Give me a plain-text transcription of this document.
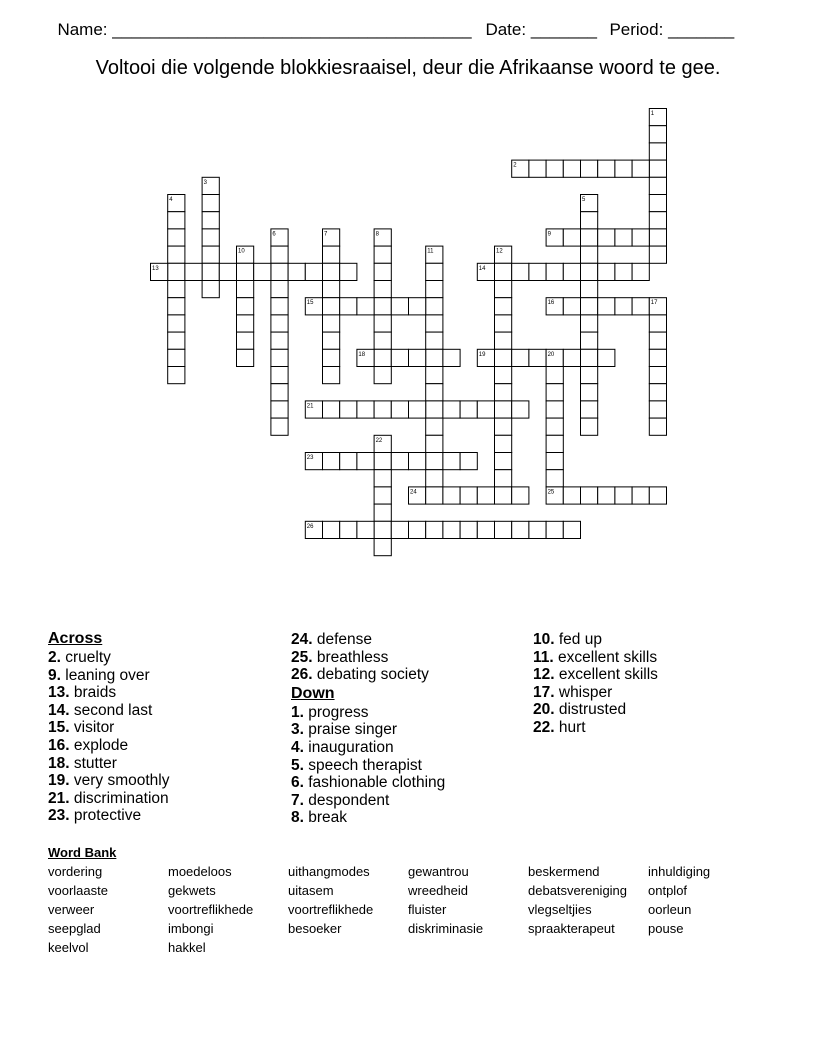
Name: ______________________________________ Date: _______ Period: _______

Voltooi die volgende blokkiesraaisel, deur die Afrikaanse woord te gee.
1
2
3
4	5
6	7	8	9
10	11	12
13	14
15	16	17
18	19	20
21
22
23
24	25
26
Across
2. cruelty
9. leaning over
13. braids
14. second last
15. visitor
16. explode
18. stutter
19. very smoothly
21. discrimination
23. protective
24. defense
25. breathless
26. debating society
Down
1. progress
3. praise singer
4. inauguration
5. speech therapist
6. fashionable clothing
7. despondent
8. break
10. fed up
11. excellent skills
12. excellent skills
17. whisper
20. distrusted
22. hurt
Word Bank
vordering	moedeloos	uithangmodes	gewantrou	beskermend	inhuldiging
voorlaaste	gekwets	uitasem	wreedheid	debatsvereniging	ontplof
verweer	voortreflikhede	voortreflikhede	fluister	vlegseltjies	oorleun
seepglad	imbongi	besoeker	diskriminasie	spraakterapeut	pouse
keelvol	hakkel
